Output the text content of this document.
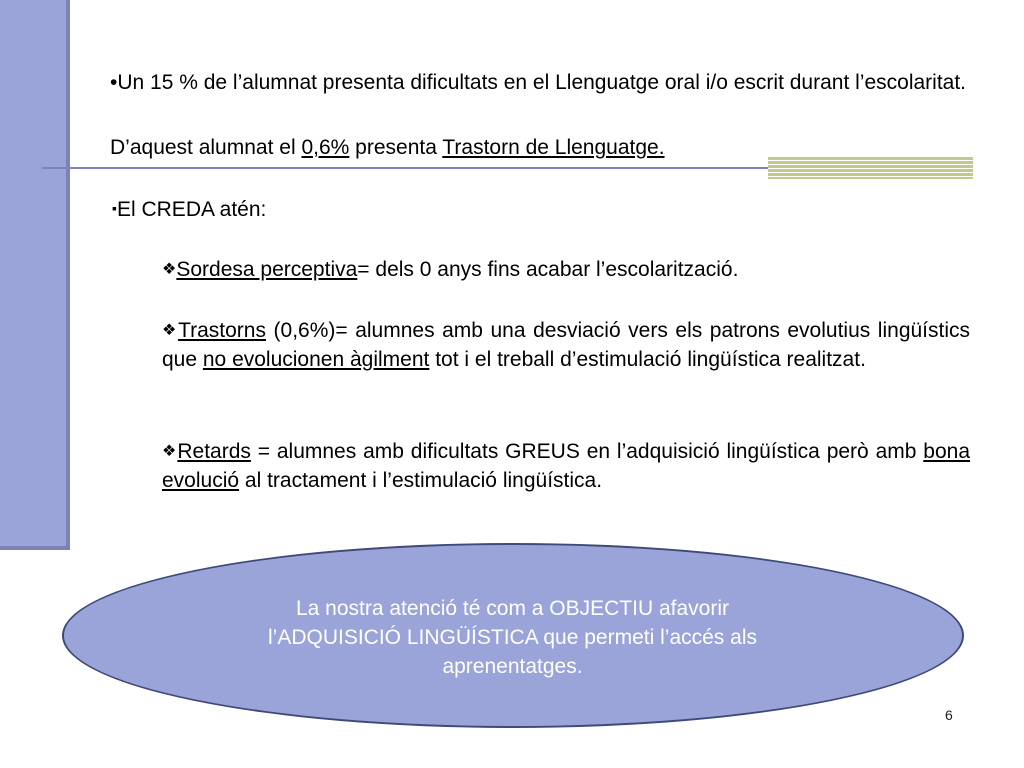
•Un 15 % de l’alumnat presenta dificultats en el Llenguatge oral i/o escrit durant l’escolaritat.
D’aquest alumnat el 0,6% presenta Trastorn de Llenguatge.
▪El CREDA atén:
❖Sordesa perceptiva= dels 0 anys fins acabar l’escolarització.
❖Trastorns (0,6%)= alumnes amb una desviació vers els patrons evolutius lingüístics que no evolucionen àgilment tot i el treball d’estimulació lingüística realitzat.
❖Retards = alumnes amb dificultats GREUS en l’adquisició lingüística però amb bona evolució al tractament i l’estimulació lingüística.
La nostra atenció té com a OBJECTIU afavorir
l’ADQUISICIÓ LINGÜÍSTICA que permeti l’accés als
aprenentatges.
6
